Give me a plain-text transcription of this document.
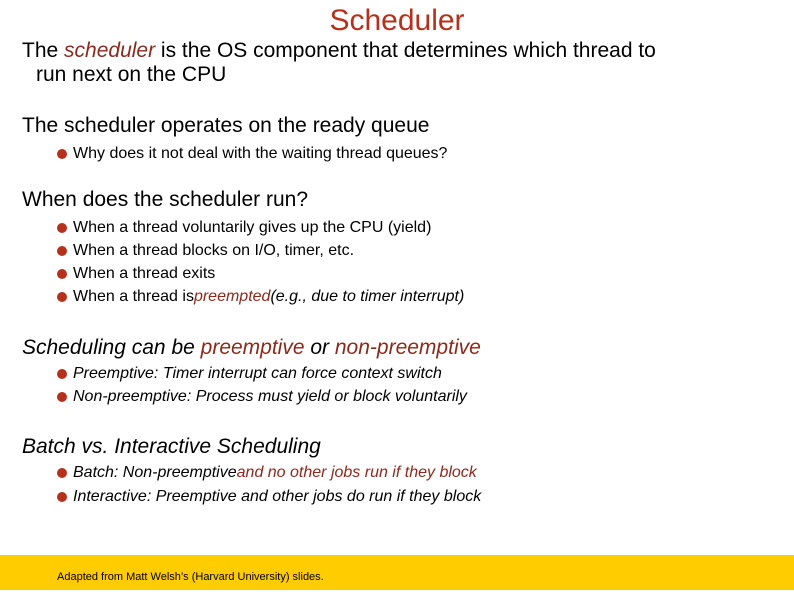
Scheduler
The scheduler is the OS component that determines which thread to
run next on the CPU
The scheduler operates on the ready queue
Why does it not deal with the waiting thread queues?
When does the scheduler run?
When a thread voluntarily gives up the CPU (yield)
When a thread blocks on I/O, timer, etc.
When a thread exits
When a thread is preempted (e.g., due to timer interrupt)
Scheduling can be preemptive or non-preemptive
Preemptive: Timer interrupt can force context switch
Non-preemptive: Process must yield or block voluntarily
Batch vs. Interactive Scheduling
Batch: Non-preemptive and no other jobs run if they block
Interactive: Preemptive and other jobs do run if they block
Adapted from Matt Welsh’s (Harvard University) slides.
